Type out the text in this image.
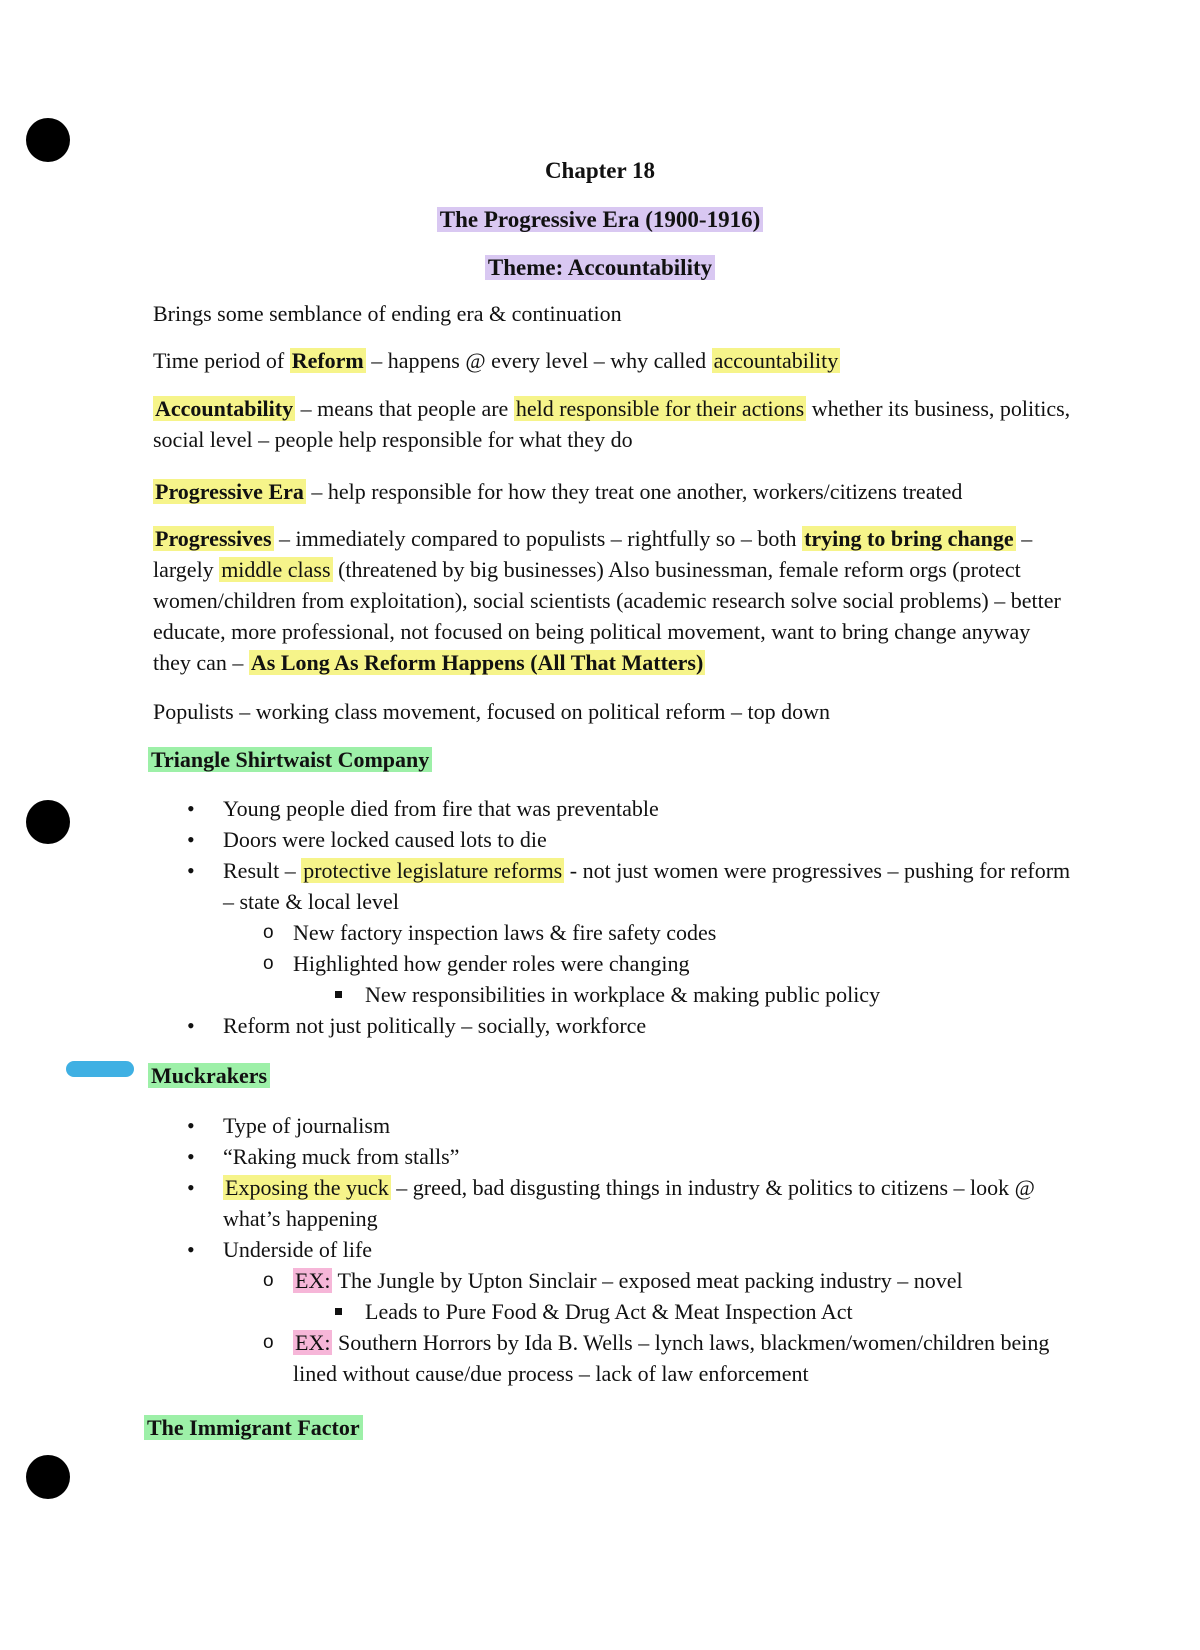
Chapter 18
The Progressive Era (1900-1916)
Theme: Accountability
Brings some semblance of ending era & continuation
Time period of Reform – happens @ every level – why called accountability
Accountability – means that people are held responsible for their actions whether its business, politics, social level – people help responsible for what they do
Progressive Era – help responsible for how they treat one another, workers/citizens treated
Progressives – immediately compared to populists – rightfully so – both trying to bring change – largely middle class (threatened by big businesses) Also businessman, female reform orgs (protect women/children from exploitation), social scientists (academic research solve social problems) – better educate, more professional, not focused on being political movement, want to bring change anyway they can – As Long As Reform Happens (All That Matters)
Populists – working class movement, focused on political reform – top down
Triangle Shirtwaist Company
• Young people died from fire that was preventable
• Doors were locked caused lots to die
• Result – protective legislature reforms - not just women were progressives – pushing for reform – state & local level
o New factory inspection laws & fire safety codes
o Highlighted how gender roles were changing
New responsibilities in workplace & making public policy
• Reform not just politically – socially, workforce
Muckrakers
• Type of journalism
• “Raking muck from stalls”
• Exposing the yuck – greed, bad disgusting things in industry & politics to citizens – look @ what’s happening
• Underside of life
o EX: The Jungle by Upton Sinclair – exposed meat packing industry – novel
Leads to Pure Food & Drug Act & Meat Inspection Act
o EX: Southern Horrors by Ida B. Wells – lynch laws, blackmen/women/children being lined without cause/due process – lack of law enforcement
The Immigrant Factor
